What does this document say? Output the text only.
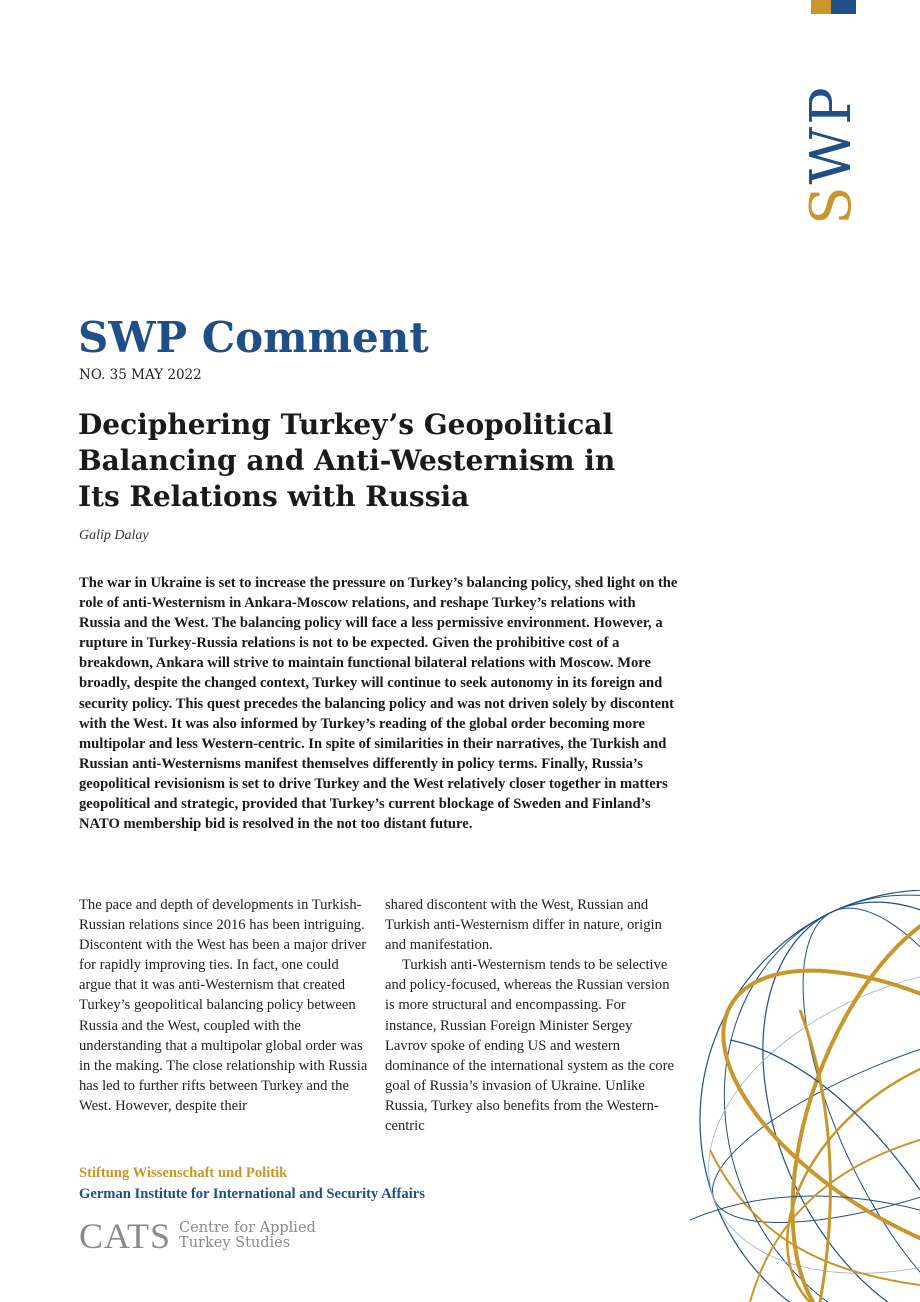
SWP
SWP Comment
NO. 35 MAY 2022
Deciphering Turkey’s Geopolitical Balancing and Anti-Westernism in Its Relations with Russia
Galip Dalay

The war in Ukraine is set to increase the pressure on Turkey’s balancing policy, shed light on the role of anti-Westernism in Ankara-Moscow relations, and reshape Turkey’s relations with Russia and the West. The balancing policy will face a less permissive environment. However, a rupture in Turkey-Russia relations is not to be expected. Given the prohibitive cost of a breakdown, Ankara will strive to maintain functional bilateral relations with Moscow. More broadly, despite the changed context, Turkey will continue to seek autonomy in its foreign and security policy. This quest precedes the balancing policy and was not driven solely by discontent with the West. It was also informed by Turkey’s reading of the global order becoming more multipolar and less Western-centric. In spite of similarities in their narratives, the Turkish and Russian anti-Westernisms manifest themselves differently in policy terms. Finally, Russia’s geopolitical revisionism is set to drive Turkey and the West relatively closer together in matters geopolitical and strategic, provided that Turkey’s current blockage of Sweden and Finland’s NATO membership bid is resolved in the not too distant future.

The pace and depth of developments in Turkish-Russian relations since 2016 has been intriguing. Discontent with the West has been a major driver for rapidly improving ties. In fact, one could argue that it was anti-Westernism that created Turkey’s geopolitical balancing policy between Russia and the West, coupled with the understanding that a multipolar global order was in the making. The close relationship with Russia has led to further rifts between Turkey and the West. However, despite their

shared discontent with the West, Russian and Turkish anti-Westernism differ in nature, origin and manifestation.

Turkish anti-Westernism tends to be selective and policy-focused, whereas the Russian version is more structural and encompassing. For instance, Russian Foreign Minister Sergey Lavrov spoke of ending US and western dominance of the international system as the core goal of Russia’s invasion of Ukraine. Unlike Russia, Turkey also benefits from the Western-centric

Stiftung Wissenschaft und Politik
German Institute for International and Security Affairs
CATS Centre for Applied
Turkey Studies
